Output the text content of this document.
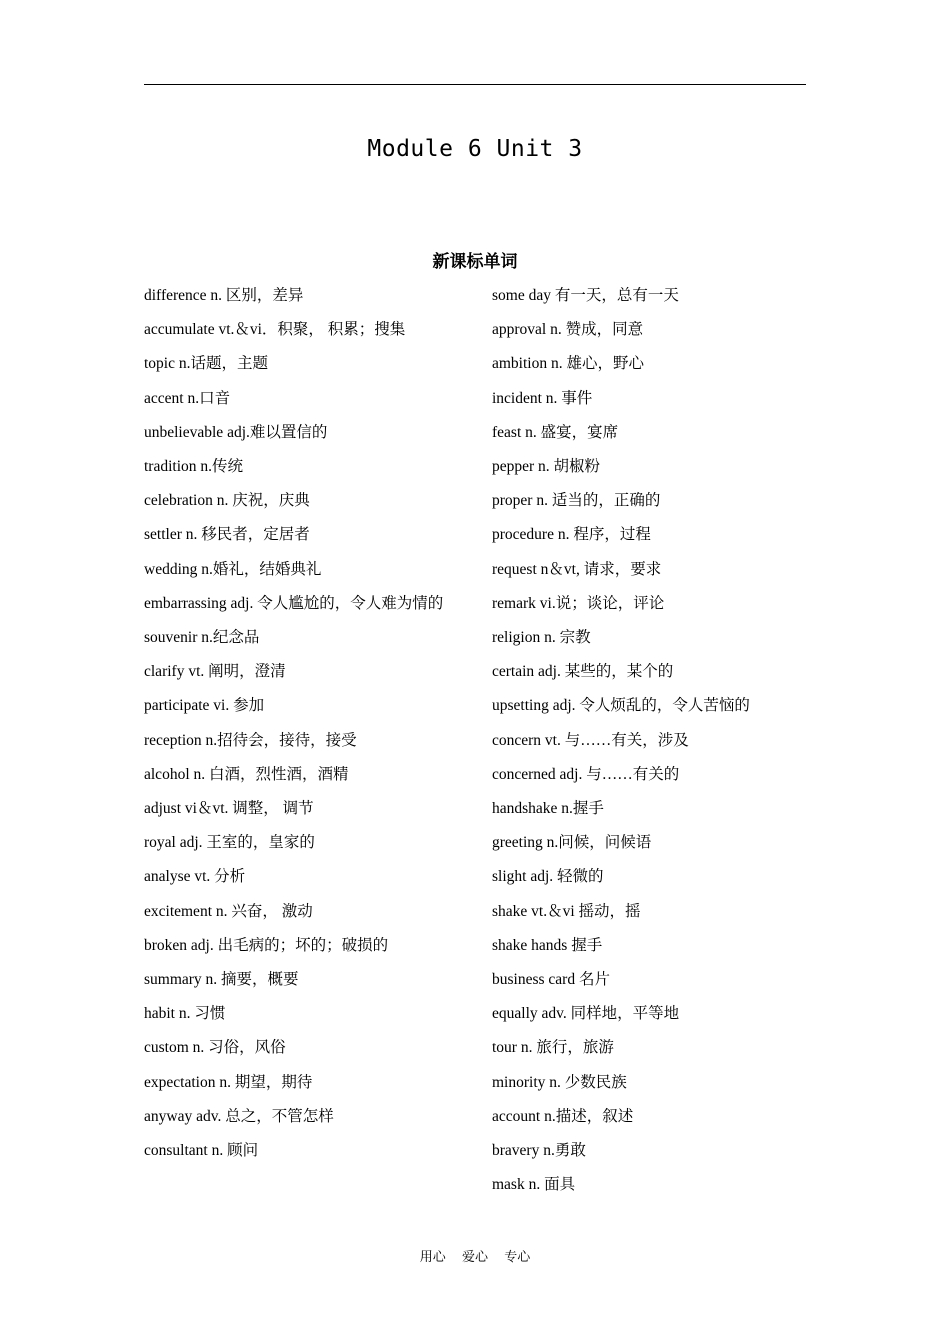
Module 6 Unit 3
新课标单词
difference n. 区别，差异
accumulate vt.＆vi．积聚， 积累；搜集
topic n.话题，主题
accent n.口音
unbelievable adj.难以置信的
tradition n.传统
celebration n. 庆祝，庆典
settler n. 移民者，定居者
wedding n.婚礼，结婚典礼
embarrassing adj. 令人尴尬的，令人难为情的
souvenir n.纪念品
clarify vt. 阐明，澄清
participate vi. 参加
reception n.招待会，接待，接受
alcohol n. 白酒，烈性酒，酒精
adjust vi＆vt. 调整， 调节
royal adj. 王室的，皇家的
analyse vt. 分析
excitement n. 兴奋， 激动
broken adj. 出毛病的；坏的；破损的
summary n. 摘要，概要
habit n. 习惯
custom n. 习俗，风俗
expectation n. 期望，期待
anyway adv. 总之，不管怎样
consultant n. 顾问
some day 有一天，总有一天
approval n. 赞成，同意
ambition n. 雄心，野心
incident n. 事件
feast n. 盛宴，宴席
pepper n. 胡椒粉
proper n. 适当的，正确的
procedure n. 程序，过程
request n＆vt, 请求，要求
remark vi.说；谈论，评论
religion n. 宗教
certain adj. 某些的，某个的
upsetting adj. 令人烦乱的，令人苦恼的
concern vt. 与……有关，涉及
concerned adj. 与……有关的
handshake n.握手
greeting n.问候，问候语
slight adj. 轻微的
shake vt.＆vi 摇动，摇
shake hands 握手
business card 名片
equally adv. 同样地，平等地
tour n. 旅行，旅游
minority n. 少数民族
account n.描述，叙述
bravery n.勇敢
mask n. 面具
用心  爱心  专心
